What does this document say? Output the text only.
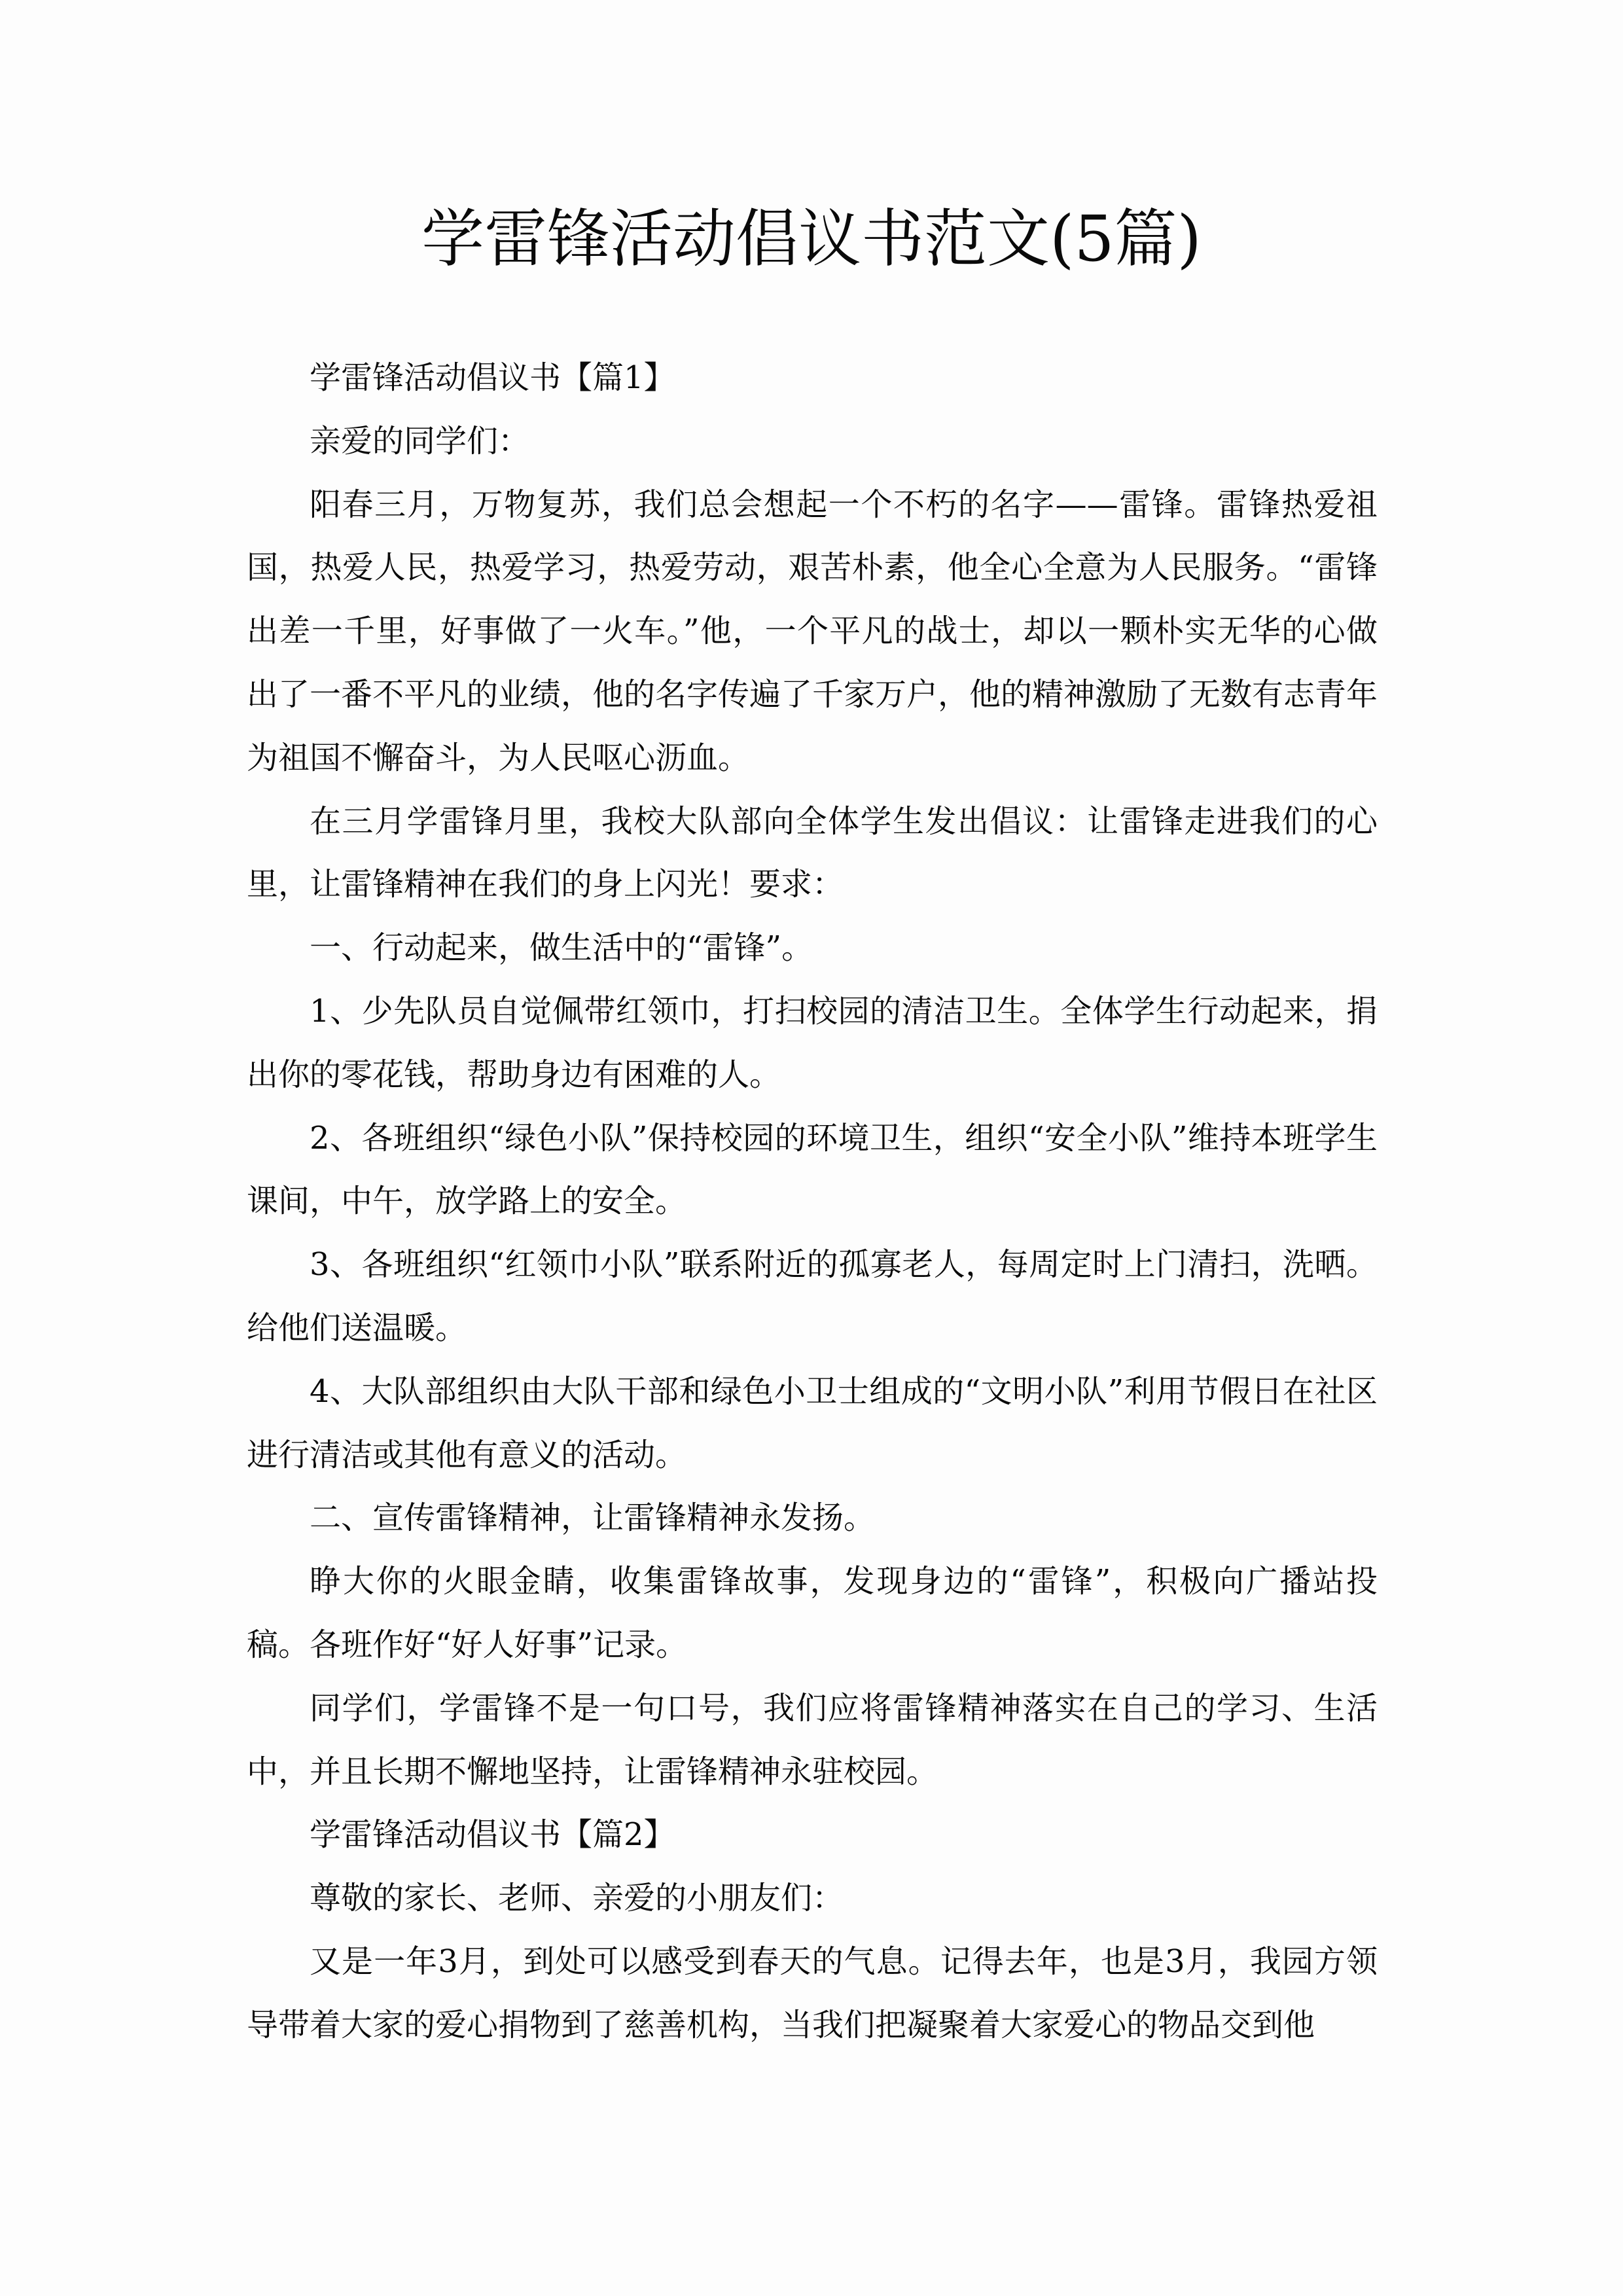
学雷锋活动倡议书范文(5篇)

学雷锋活动倡议书【篇1】

亲爱的同学们：

阳春三月，万物复苏，我们总会想起一个不朽的名字——雷锋。雷锋热爱祖国，热爱人民，热爱学习，热爱劳动，艰苦朴素，他全心全意为人民服务。“雷锋出差一千里，好事做了一火车。”他，一个平凡的战士，却以一颗朴实无华的心做出了一番不平凡的业绩，他的名字传遍了千家万户，他的精神激励了无数有志青年为祖国不懈奋斗，为人民呕心沥血。

在三月学雷锋月里，我校大队部向全体学生发出倡议：让雷锋走进我们的心里，让雷锋精神在我们的身上闪光！要求：

一、行动起来，做生活中的“雷锋”。

1、少先队员自觉佩带红领巾，打扫校园的清洁卫生。全体学生行动起来，捐出你的零花钱，帮助身边有困难的人。

2、各班组织“绿色小队”保持校园的环境卫生，组织“安全小队”维持本班学生课间，中午，放学路上的安全。

3、各班组织“红领巾小队”联系附近的孤寡老人，每周定时上门清扫，洗晒。给他们送温暖。

4、大队部组织由大队干部和绿色小卫士组成的“文明小队”利用节假日在社区进行清洁或其他有意义的活动。

二、宣传雷锋精神，让雷锋精神永发扬。

睁大你的火眼金睛，收集雷锋故事，发现身边的“雷锋”，积极向广播站投稿。各班作好“好人好事”记录。

同学们，学雷锋不是一句口号，我们应将雷锋精神落实在自己的学习、生活中，并且长期不懈地坚持，让雷锋精神永驻校园。

学雷锋活动倡议书【篇2】

尊敬的家长、老师、亲爱的小朋友们：

又是一年3月，到处可以感受到春天的气息。记得去年，也是3月，我园方领导带着大家的爱心捐物到了慈善机构，当我们把凝聚着大家爱心的物品交到他
